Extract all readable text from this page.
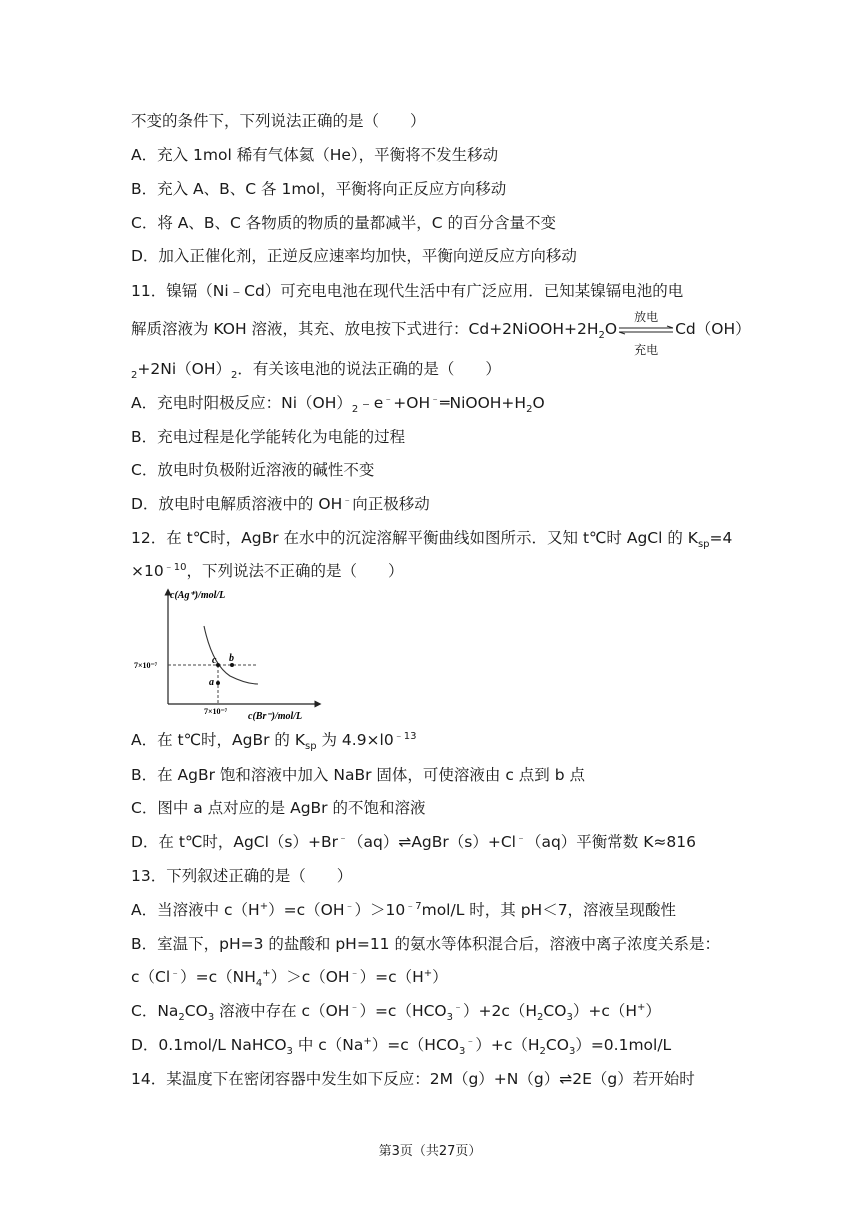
不变的条件下，下列说法正确的是（　　）
A．充入 1mol 稀有气体氦（He），平衡将不发生移动
B．充入 A、B、C 各 1mol，平衡将向正反应方向移动
C．将 A、B、C 各物质的物质的量都减半，C 的百分含量不变
D．加入正催化剂，正逆反应速率均加快，平衡向逆反应方向移动
11．镍镉（Ni﹣Cd）可充电电池在现代生活中有广泛应用．已知某镍镉电池的电
解质溶液为 KOH 溶液，其充、放电按下式进行：$Cd+2NiOOH+2H_2O$
放电
充电
Cd（OH）
$_2+2Ni(OH)_2$．有关该电池的说法正确的是（　　）
A．充电时阳极反应：$Ni(OH)_2﹣e^﹣+OH^﹣═NiOOH+H_2O$
B．充电过程是化学能转化为电能的过程
C．放电时负极附近溶液的碱性不变
D．放电时电解质溶液中的 OH﹣向正极移动
12．在 t℃时，AgBr 在水中的沉淀溶解平衡曲线如图所示．又知 t℃时 AgCl 的 $K_{sp}=4$
$\times 10^{﹣10}$，下列说法不正确的是（　　）
c(Ag⁺)/mol/L
c(Br⁻)/mol/L
7×10⁻⁷
7×10⁻⁷
c b
a
A．在 t℃时，AgBr 的 $K_{sp}$ 为 $4.9\times l0^{﹣13}$
B．在 AgBr 饱和溶液中加入 NaBr 固体，可使溶液由 c 点到 b 点
C．图中 a 点对应的是 AgBr 的不饱和溶液
D．在 t℃时，AgCl（s）+Br﹣（aq）⇌AgBr（s）+Cl﹣（aq）平衡常数 K≈816
13．下列叙述正确的是（　　）
A．当溶液中 $c(H^+)=c(OH^﹣)>10^{﹣7}mol/L$ 时，其 pH＜7，溶液呈现酸性
B．室温下，pH=3 的盐酸和 pH=11 的氨水等体积混合后，溶液中离子浓度关系是：
$c(Cl^﹣)=c(NH_4^+)>c(OH^﹣)=c(H^+)$
C．$Na_2CO_3$ 溶液中存在 $c(OH^﹣)=c(HCO_3^﹣)+2c(H_2CO_3)+c(H^+)$
D．0.1mol/L NaHCO$_3$ 中 $c(Na^+)=c(HCO_3^﹣)+c(H_2CO_3)=0.1mol/L$
14．某温度下在密闭容器中发生如下反应：2M（g）+N（g）⇌2E（g）若开始时
第3页（共27页）
